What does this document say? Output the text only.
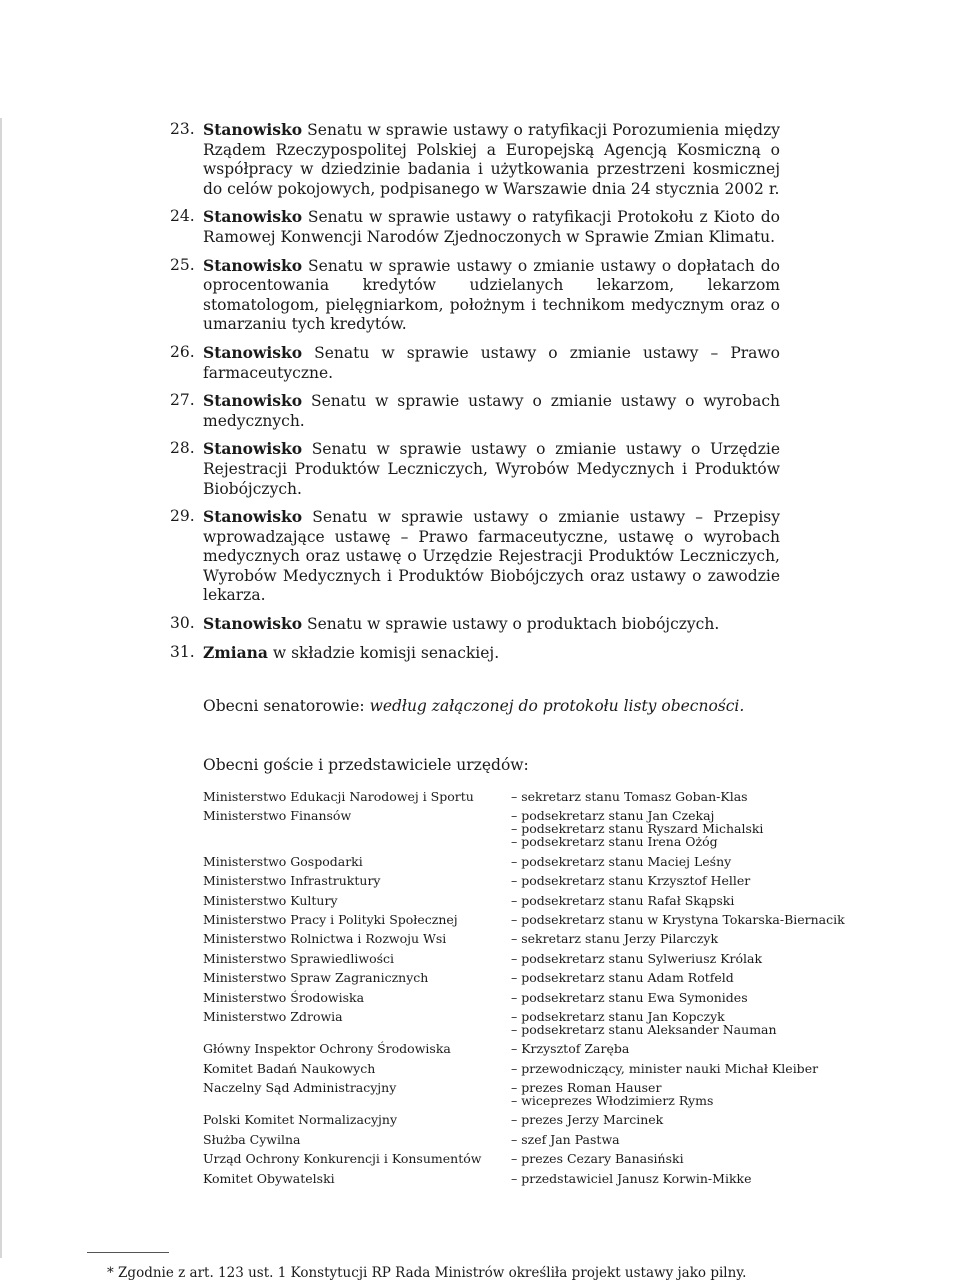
23. Stanowisko Senatu w sprawie ustawy o ratyfikacji Porozumienia między Rządem Rzeczypospolitej Polskiej a Europejską Agencją Kosmiczną o współpracy w dziedzinie badania i użytkowania przestrzeni kosmicznej do celów pokojowych, podpisanego w Warszawie dnia 24 stycznia 2002 r.
24. Stanowisko Senatu w sprawie ustawy o ratyfikacji Protokołu z Kioto do Ramowej Konwencji Narodów Zjednoczonych w Sprawie Zmian Klimatu.
25. Stanowisko Senatu w sprawie ustawy o zmianie ustawy o dopłatach do oprocentowania kredytów udzielanych lekarzom, lekarzom stomatologom, pielęgniarkom, położnym i technikom medycznym oraz o umarzaniu tych kredytów.
26. Stanowisko Senatu w sprawie ustawy o zmianie ustawy – Prawo farmaceutyczne.
27. Stanowisko Senatu w sprawie ustawy o zmianie ustawy o wyrobach medycznych.
28. Stanowisko Senatu w sprawie ustawy o zmianie ustawy o Urzędzie Rejestracji Produktów Leczniczych, Wyrobów Medycznych i Produktów Biobójczych.
29. Stanowisko Senatu w sprawie ustawy o zmianie ustawy – Przepisy wprowadzające ustawę – Prawo farmaceutyczne, ustawę o wyrobach medycznych oraz ustawę o Urzędzie Rejestracji Produktów Leczniczych, Wyrobów Medycznych i Produktów Biobójczych oraz ustawy o zawodzie lekarza.
30. Stanowisko Senatu w sprawie ustawy o produktach biobójczych.
31. Zmiana w składzie komisji senackiej.
Obecni senatorowie: według załączonej do protokołu listy obecności.
Obecni goście i przedstawiciele urzędów:
Ministerstwo Edukacji Narodowej i Sportu	– sekretarz stanu Tomasz Goban-Klas
Ministerstwo Finansów	– podsekretarz stanu Jan Czekaj
– podsekretarz stanu Ryszard Michalski
– podsekretarz stanu Irena Ożóg
Ministerstwo Gospodarki	– podsekretarz stanu Maciej Leśny
Ministerstwo Infrastruktury	– podsekretarz stanu Krzysztof Heller
Ministerstwo Kultury	– podsekretarz stanu Rafał Skąpski
Ministerstwo Pracy i Polityki Społecznej	– podsekretarz stanu w Krystyna Tokarska-Biernacik
Ministerstwo Rolnictwa i Rozwoju Wsi	– sekretarz stanu Jerzy Pilarczyk
Ministerstwo Sprawiedliwości	– podsekretarz stanu Sylweriusz Królak
Ministerstwo Spraw Zagranicznych	– podsekretarz stanu Adam Rotfeld
Ministerstwo Środowiska	– podsekretarz stanu Ewa Symonides
Ministerstwo Zdrowia	– podsekretarz stanu Jan Kopczyk
– podsekretarz stanu Aleksander Nauman
Główny Inspektor Ochrony Środowiska	– Krzysztof Zaręba
Komitet Badań Naukowych	– przewodniczący, minister nauki Michał Kleiber
Naczelny Sąd Administracyjny	– prezes Roman Hauser
– wiceprezes Włodzimierz Ryms
Polski Komitet Normalizacyjny	– prezes Jerzy Marcinek
Służba Cywilna	– szef Jan Pastwa
Urząd Ochrony Konkurencji i Konsumentów	– prezes Cezary Banasiński
Komitet Obywatelski	– przedstawiciel Janusz Korwin-Mikke
* Zgodnie z art. 123 ust. 1 Konstytucji RP Rada Ministrów określiła projekt ustawy jako pilny.
